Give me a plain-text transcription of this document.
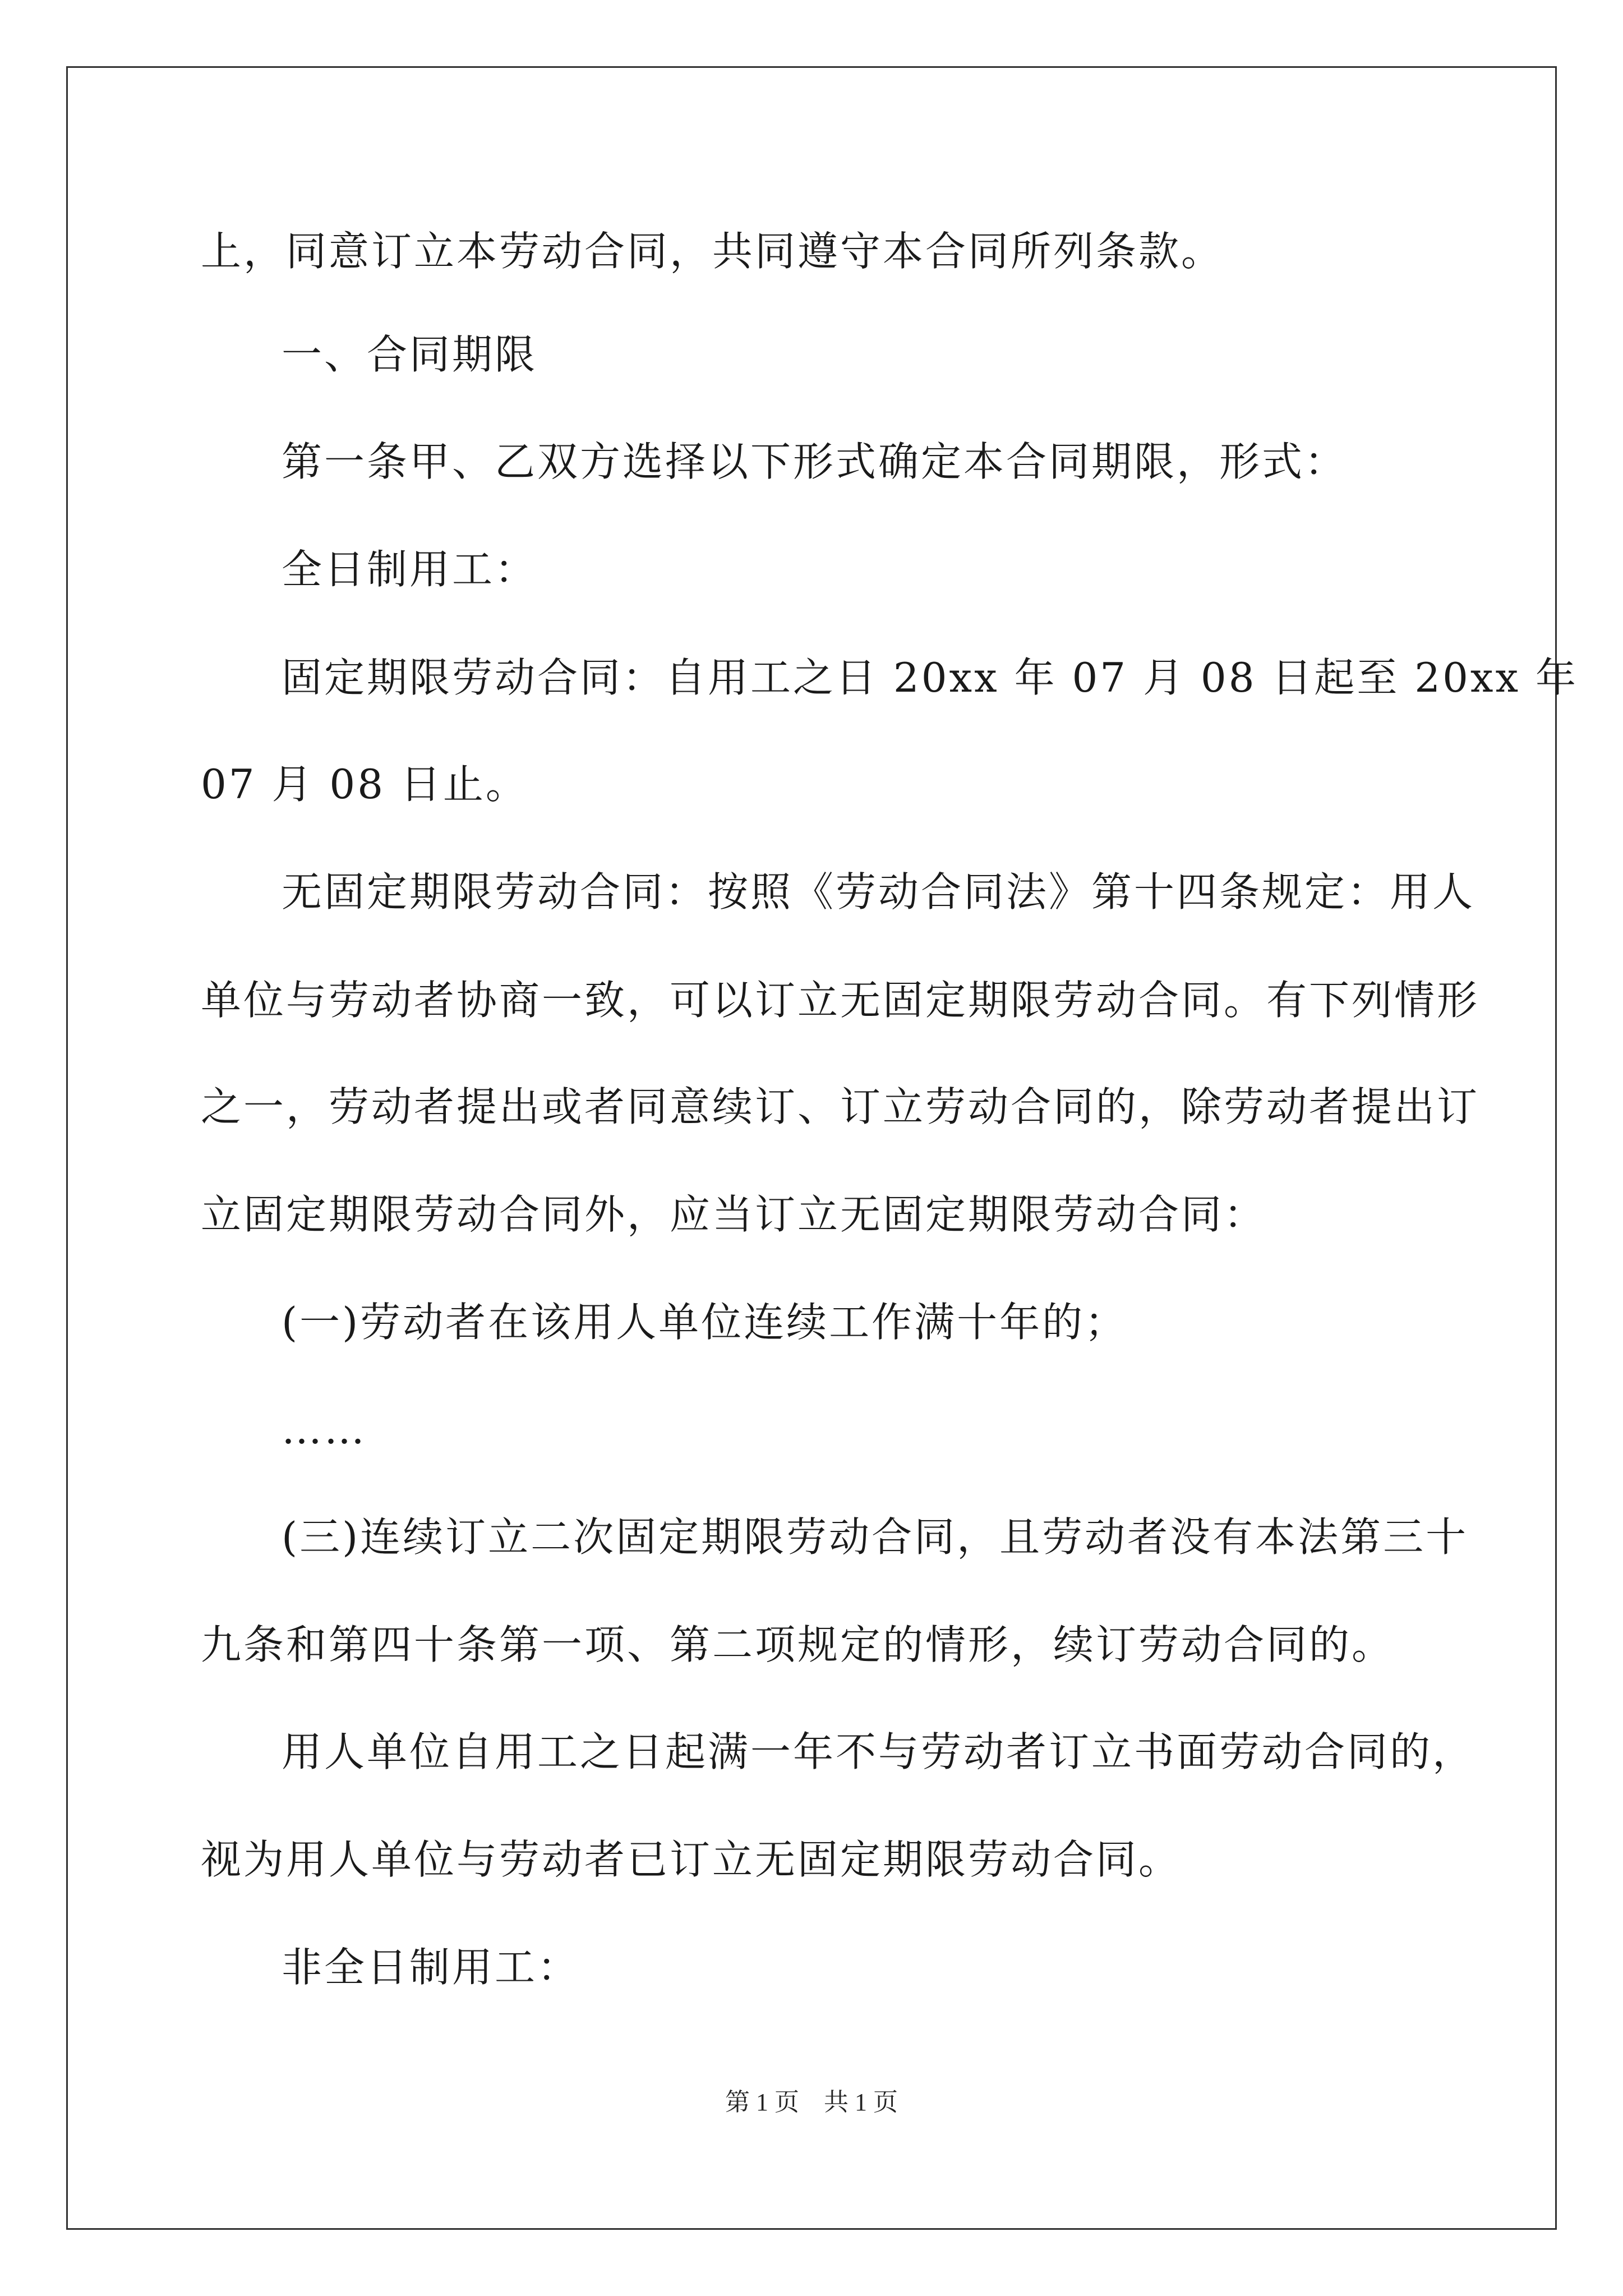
上，同意订立本劳动合同，共同遵守本合同所列条款。
一、合同期限
第一条甲、乙双方选择以下形式确定本合同期限，形式：
全日制用工：
固定期限劳动合同：自用工之日 20xx 年 07 月 08 日起至 20xx 年
07 月 08 日止。
无固定期限劳动合同：按照《劳动合同法》第十四条规定：用人
单位与劳动者协商一致，可以订立无固定期限劳动合同。有下列情形
之一，劳动者提出或者同意续订、订立劳动合同的，除劳动者提出订
立固定期限劳动合同外，应当订立无固定期限劳动合同：
(一)劳动者在该用人单位连续工作满十年的；
……
(三)连续订立二次固定期限劳动合同，且劳动者没有本法第三十
九条和第四十条第一项、第二项规定的情形，续订劳动合同的。
用人单位自用工之日起满一年不与劳动者订立书面劳动合同的，
视为用人单位与劳动者已订立无固定期限劳动合同。
非全日制用工：
第 1 页　共 1 页
